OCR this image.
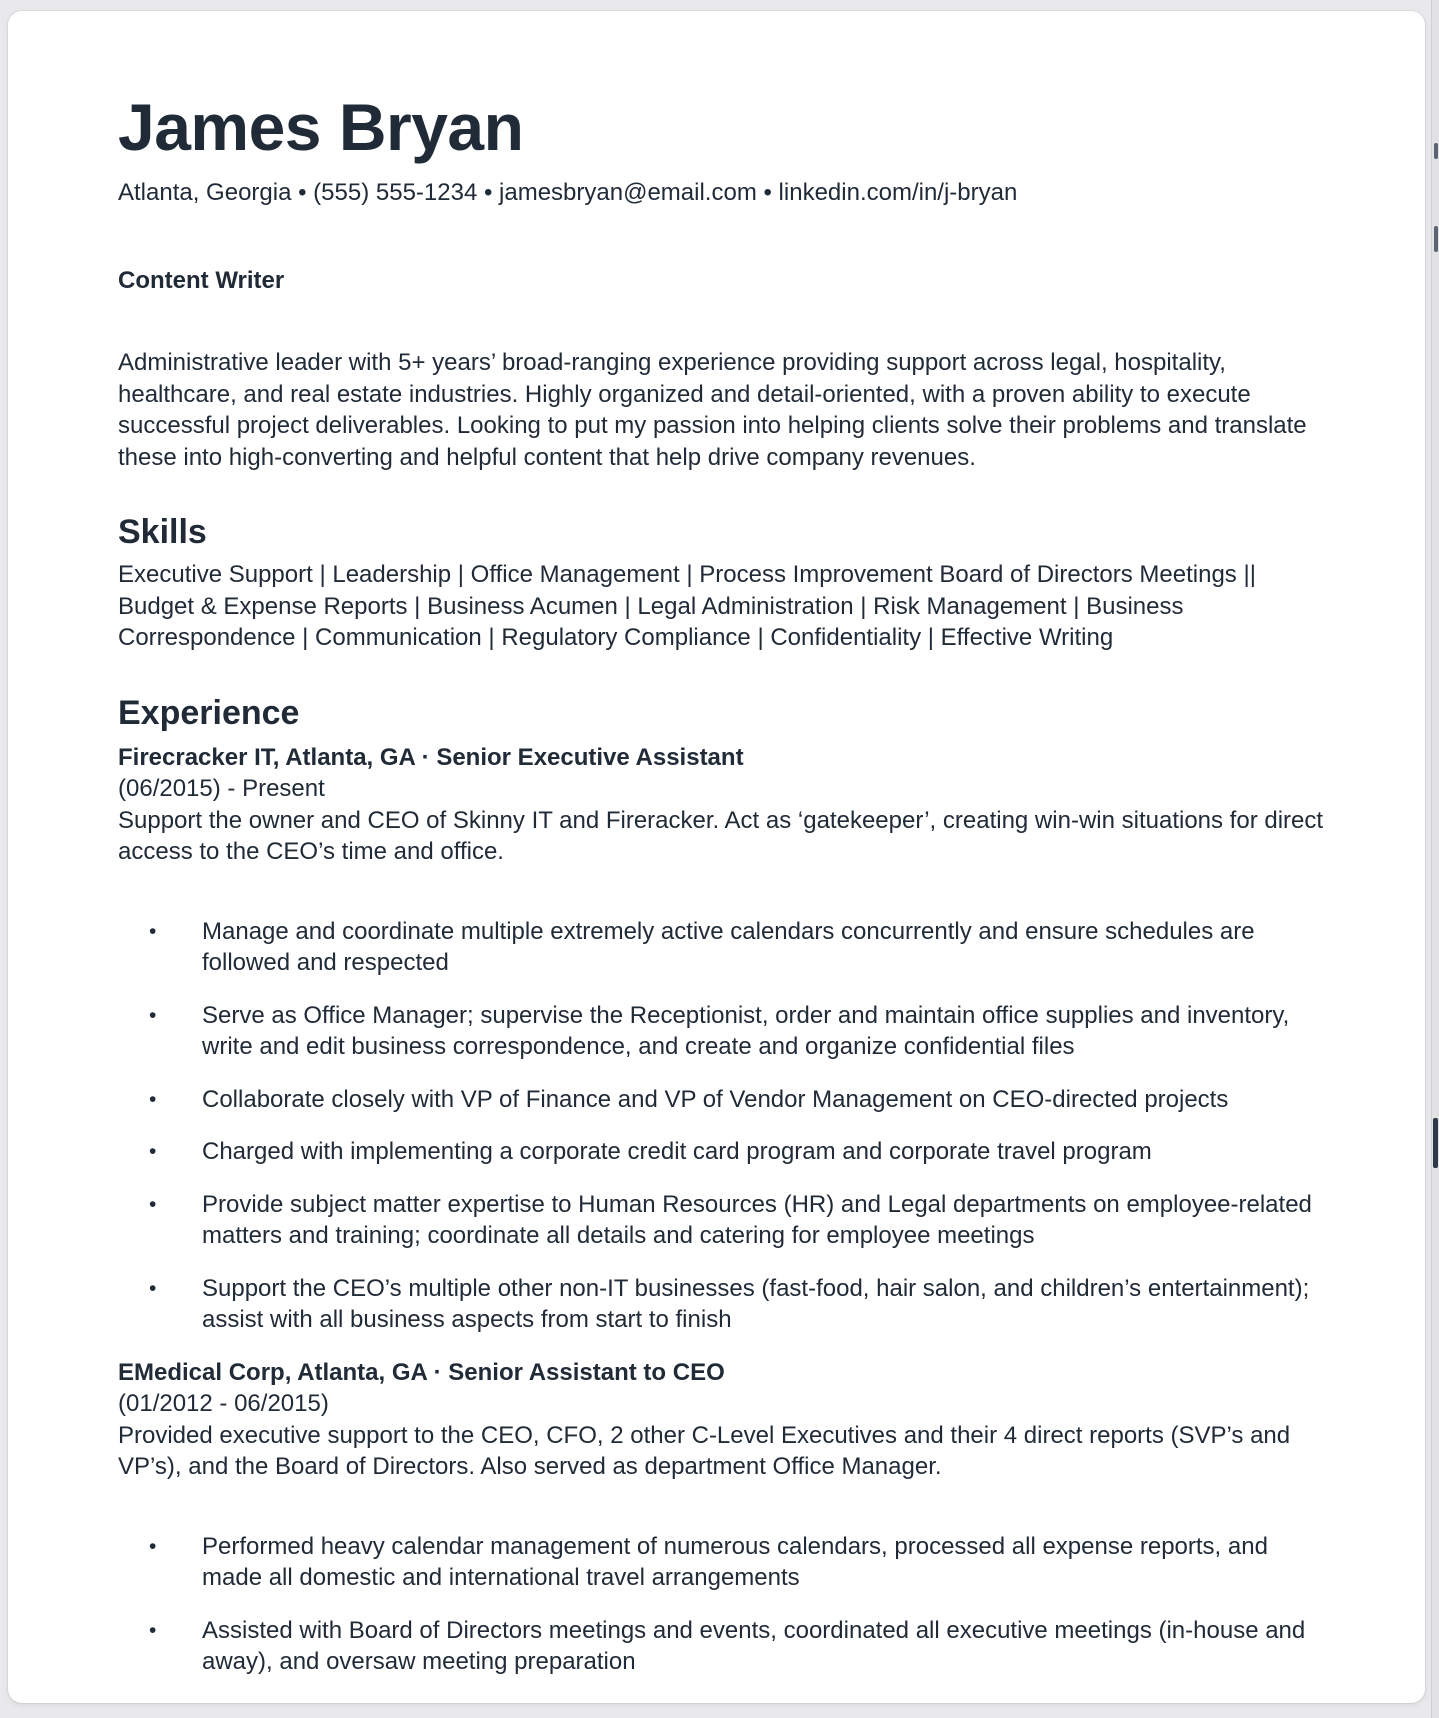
James Bryan
Atlanta, Georgia • (555) 555-1234 • jamesbryan@email.com • linkedin.com/in/j-bryan
Content Writer
Administrative leader with 5+ years’ broad-ranging experience providing support across legal, hospitality, healthcare, and real estate industries. Highly organized and detail-oriented, with a proven ability to execute successful project deliverables. Looking to put my passion into helping clients solve their problems and translate these into high-converting and helpful content that help drive company revenues.
Skills
Executive Support | Leadership | Office Management | Process Improvement Board of Directors Meetings || Budget & Expense Reports | Business Acumen | Legal Administration | Risk Management | Business Correspondence | Communication | Regulatory Compliance | Confidentiality | Effective Writing
Experience
Firecracker IT, Atlanta, GA · Senior Executive Assistant
(06/2015) - Present
Support the owner and CEO of Skinny IT and Fireracker. Act as ‘gatekeeper’, creating win-win situations for direct access to the CEO’s time and office.
• Manage and coordinate multiple extremely active calendars concurrently and ensure schedules are followed and respected
• Serve as Office Manager; supervise the Receptionist, order and maintain office supplies and inventory, write and edit business correspondence, and create and organize confidential files
• Collaborate closely with VP of Finance and VP of Vendor Management on CEO-directed projects
• Charged with implementing a corporate credit card program and corporate travel program
• Provide subject matter expertise to Human Resources (HR) and Legal departments on employee-related matters and training; coordinate all details and catering for employee meetings
• Support the CEO’s multiple other non-IT businesses (fast-food, hair salon, and children’s entertainment); assist with all business aspects from start to finish
EMedical Corp, Atlanta, GA · Senior Assistant to CEO
(01/2012 - 06/2015)
Provided executive support to the CEO, CFO, 2 other C-Level Executives and their 4 direct reports (SVP’s and VP’s), and the Board of Directors. Also served as department Office Manager.
• Performed heavy calendar management of numerous calendars, processed all expense reports, and made all domestic and international travel arrangements
• Assisted with Board of Directors meetings and events, coordinated all executive meetings (in-house and away), and oversaw meeting preparation
